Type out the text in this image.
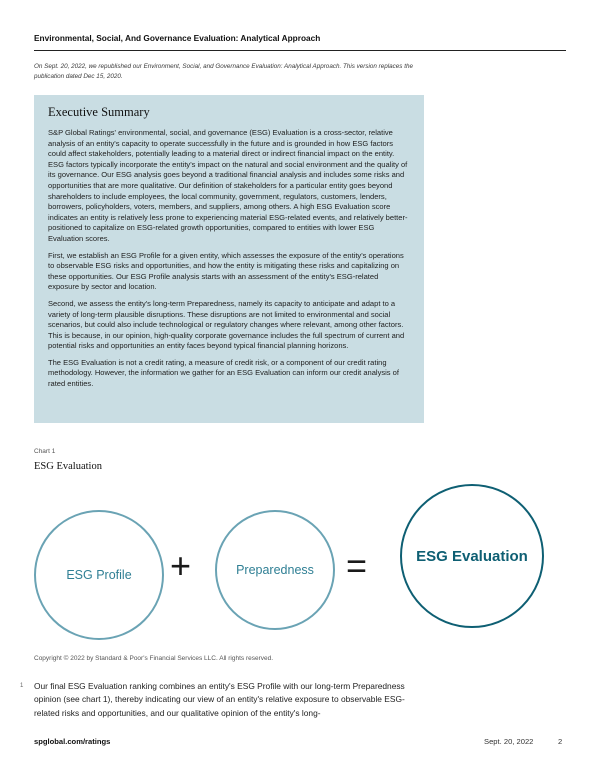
Environmental, Social, And Governance Evaluation: Analytical Approach
On Sept. 20, 2022, we republished our Environment, Social, and Governance Evaluation: Analytical Approach. This version replaces the publication dated Dec 15, 2020.
Executive Summary

S&P Global Ratings' environmental, social, and governance (ESG) Evaluation is a cross-sector, relative analysis of an entity's capacity to operate successfully in the future and is grounded in how ESG factors could affect stakeholders, potentially leading to a material direct or indirect financial impact on the entity. ESG factors typically incorporate the entity's impact on the natural and social environment and the quality of its governance. Our ESG analysis goes beyond a traditional financial analysis and includes some risks and opportunities that are more qualitative. Our definition of stakeholders for a particular entity goes beyond shareholders to include employees, the local community, government, regulators, customers, lenders, borrowers, policyholders, voters, members, and suppliers, among others. A high ESG Evaluation score indicates an entity is relatively less prone to experiencing material ESG-related events, and relatively better-positioned to capitalize on ESG-related growth opportunities, compared to entities with lower ESG Evaluation scores.

First, we establish an ESG Profile for a given entity, which assesses the exposure of the entity's operations to observable ESG risks and opportunities, and how the entity is mitigating these risks and capitalizing on these opportunities. Our ESG Profile analysis starts with an assessment of the entity's ESG-related exposure by sector and location.

Second, we assess the entity's long-term Preparedness, namely its capacity to anticipate and adapt to a variety of long-term plausible disruptions. These disruptions are not limited to environmental and social scenarios, but could also include technological or regulatory changes where relevant, among other factors. This is because, in our opinion, high-quality corporate governance includes the full spectrum of current and potential risks and opportunities an entity faces beyond typical financial planning horizons.

The ESG Evaluation is not a credit rating, a measure of credit risk, or a component of our credit rating methodology. However, the information we gather for an ESG Evaluation can inform our credit analysis of rated entities.

Chart 1
ESG Evaluation
ESG Profile +	Preparedness =	ESG Evaluation
Copyright © 2022 by Standard & Poor's Financial Services LLC. All rights reserved.
1 Our final ESG Evaluation ranking combines an entity's ESG Profile with our long-term Preparedness opinion (see chart 1), thereby indicating our view of an entity's relative exposure to observable ESG-related risks and opportunities, and our qualitative opinion of the entity's long-
spglobal.com/ratings	Sept. 20, 2022	2
